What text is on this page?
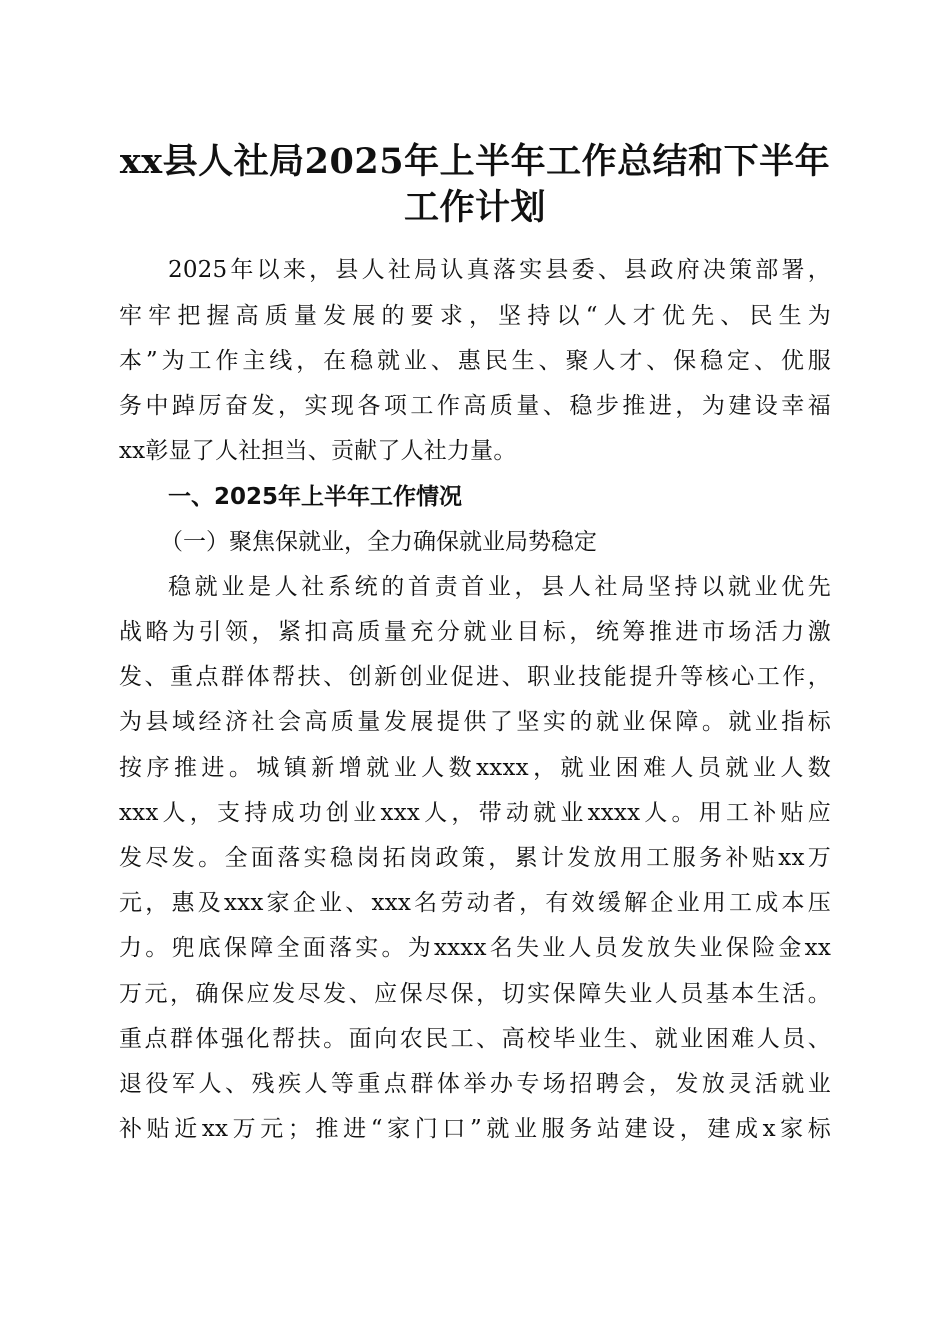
xx县人社局2025年上半年工作总结和下半年
工作计划
2025年以来，县人社局认真落实县委、县政府决策部署，
牢牢把握高质量发展的要求，坚持以“人才优先、民生为
本”为工作主线，在稳就业、惠民生、聚人才、保稳定、优服
务中踔厉奋发，实现各项工作高质量、稳步推进，为建设幸福
xx彰显了人社担当、贡献了人社力量。
一、2025年上半年工作情况
（一）聚焦保就业，全力确保就业局势稳定
稳就业是人社系统的首责首业，县人社局坚持以就业优先
战略为引领，紧扣高质量充分就业目标，统筹推进市场活力激
发、重点群体帮扶、创新创业促进、职业技能提升等核心工作，
为县域经济社会高质量发展提供了坚实的就业保障。就业指标
按序推进。城镇新增就业人数xxxx，就业困难人员就业人数
xxx人，支持成功创业xxx人，带动就业xxxx人。用工补贴应
发尽发。全面落实稳岗拓岗政策，累计发放用工服务补贴xx万
元，惠及xxx家企业、xxx名劳动者，有效缓解企业用工成本压
力。兜底保障全面落实。为xxxx名失业人员发放失业保险金xx
万元，确保应发尽发、应保尽保，切实保障失业人员基本生活。
重点群体强化帮扶。面向农民工、高校毕业生、就业困难人员、
退役军人、残疾人等重点群体举办专场招聘会，发放灵活就业
补贴近xx万元；推进“家门口”就业服务站建设，建成x家标
